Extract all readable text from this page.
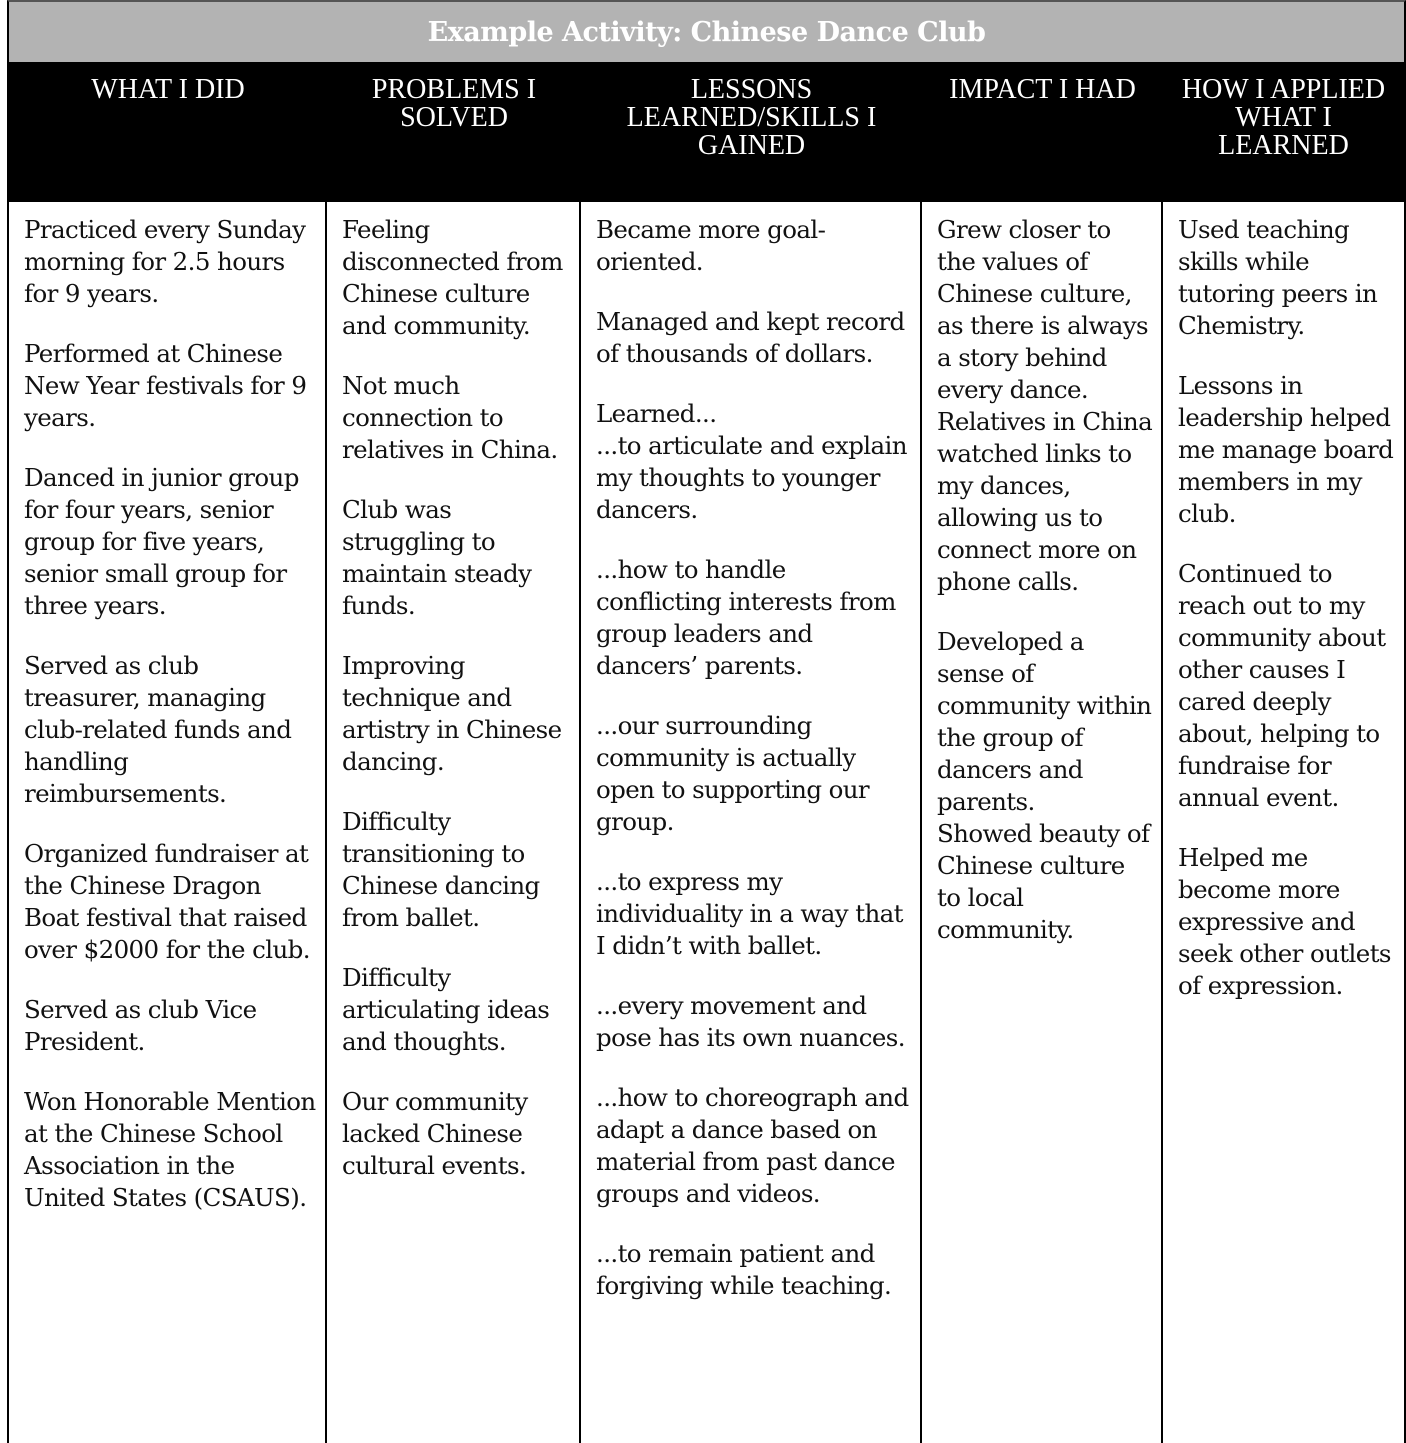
Example Activity: Chinese Dance Club
WHAT I DID	PROBLEMS I SOLVED
LESSONS LEARNED/SKILLS I GAINED
IMPACT I HAD	HOW I APPLIED WHAT I LEARNED

Practiced every Sunday morning for 2.5 hours for 9 years.

Performed at Chinese New Year festivals for 9 years.

Danced in junior group for four years, senior group for five years, senior small group for three years.

Served as club treasurer, managing club-related funds and handling reimbursements.

Organized fundraiser at the Chinese Dragon Boat festival that raised over $2000 for the club.

Served as club Vice President.

Won Honorable Mention at the Chinese School Association in the United States (CSAUS).

Feeling disconnected from Chinese culture and community.

Not much connection to relatives in China.

Club was struggling to maintain steady funds.

Improving technique and artistry in Chinese dancing.

Difficulty transitioning to Chinese dancing from ballet.

Difficulty articulating ideas and thoughts.

Our community lacked Chinese cultural events.

Became more goal-oriented.

Managed and kept record of thousands of dollars.

Learned...

...to articulate and explain my thoughts to younger dancers.

...how to handle conflicting interests from group leaders and dancers’ parents.

...our surrounding community is actually open to supporting our group.

...to express my individuality in a way that I didn’t with ballet.

...every movement and pose has its own nuances.

...how to choreograph and adapt a dance based on material from past dance groups and videos.

...to remain patient and forgiving while teaching.

Grew closer to the values of Chinese culture, as there is always a story behind every dance.

Relatives in China watched links to my dances, allowing us to connect more on phone calls.

Developed a sense of community within the group of dancers and parents.

Showed beauty of Chinese culture to local community.

Used teaching skills while tutoring peers in Chemistry.

Lessons in leadership helped me manage board members in my club.

Continued to reach out to my community about other causes I cared deeply about, helping to fundraise for annual event.

Helped me become more expressive and seek other outlets of expression.
